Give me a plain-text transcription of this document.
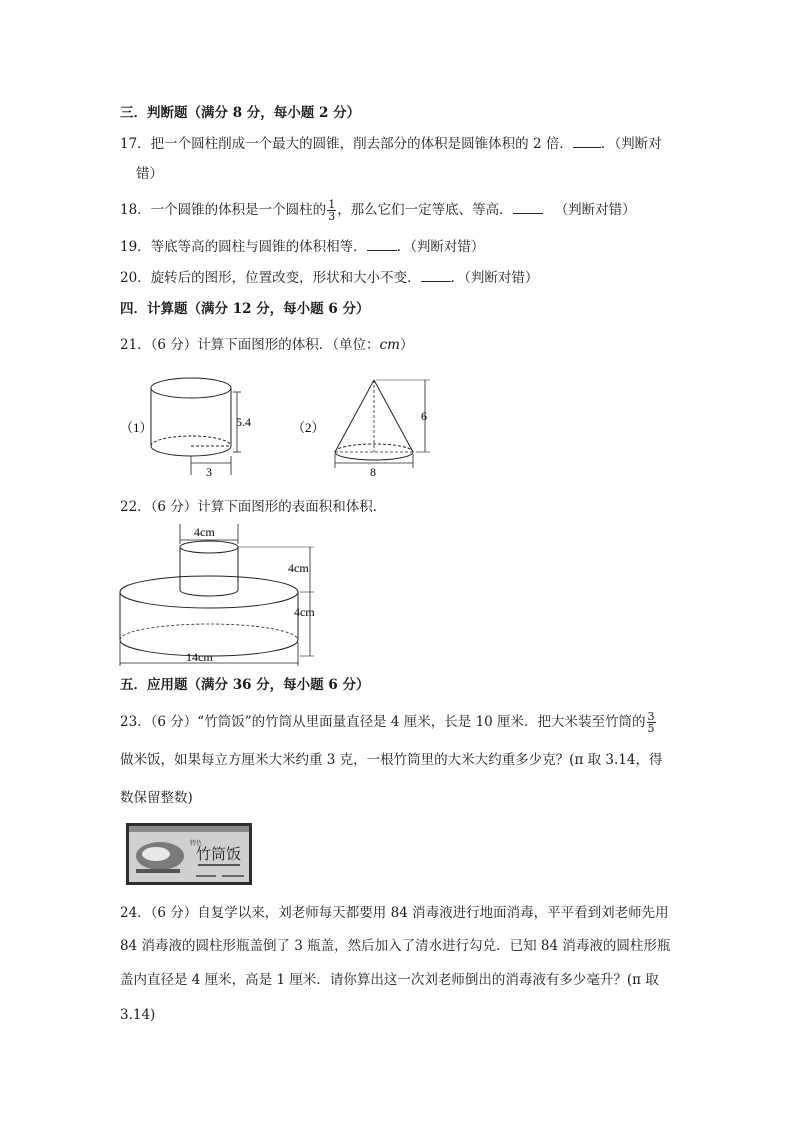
三．判断题（满分 8 分，每小题 2 分）
17．把一个圆柱削成一个最大的圆锥，削去部分的体积是圆锥体积的 2 倍． ．（判断对
错）
18．一个圆锥的体积是一个圆柱的 $\frac{1}{3}$ ，那么它们一定等底、等高．	（判断对错）
19．等底等高的圆柱与圆锥的体积相等． ．（判断对错）
20．旋转后的图形，位置改变，形状和大小不变． ．（判断对错）
四．计算题（满分 12 分，每小题 6 分）
21．（6 分）计算下面图形的体积．（单位：cm）
（1）	5.4
3
（2）
6
8
22．（6 分）计算下面图形的表面积和体积．
4cm
4cm
4cm
14cm
五．应用题（满分 36 分，每小题 6 分）
23．（6 分）“竹筒饭”的竹筒从里面量直径是 4 厘米，长是 10 厘米．把大米装至竹筒的 $\frac{3}{5}$
做米饭，如果每立方厘米大米约重 3 克，一根竹筒里的大米大约重多少克？(π 取 3.14，得
数保留整数)
特色
竹筒饭
24．（6 分）自复学以来，刘老师每天都要用 84 消毒液进行地面消毒，平平看到刘老师先用
84 消毒液的圆柱形瓶盖倒了 3 瓶盖，然后加入了清水进行勾兑．已知 84 消毒液的圆柱形瓶
盖内直径是 4 厘米，高是 1 厘米．请你算出这一次刘老师倒出的消毒液有多少毫升？(π 取
3.14)
